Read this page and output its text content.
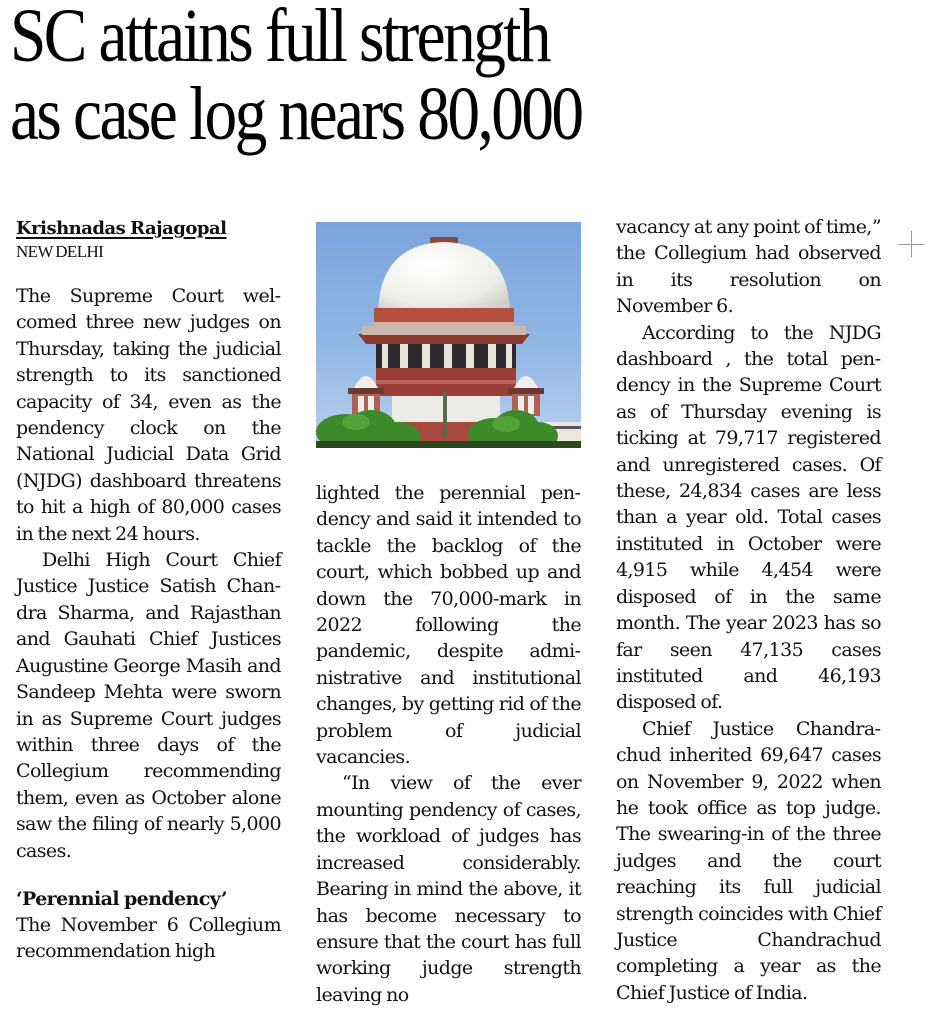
SC attains full strength
as case log nears 80,000
Krishnadas Rajagopal
NEW DELHI

The Supreme Court welcomed three new judges on Thursday, taking the judicial strength to its sanctioned capacity of 34, even as the pendency clock on the National Judicial Data Grid (NJDG) dashboard threatens to hit a high of 80,000 cases in the next 24 hours.

Delhi High Court Chief Justice Justice Satish Chandra Sharma, and Rajasthan and Gauhati Chief Justices Augustine George Masih and Sandeep Mehta were sworn in as Supreme Court judges within three days of the Collegium recommending them, even as October alone saw the filing of nearly 5,000 cases.

‘Perennial pendency’

The November 6 Collegium recommendation high

lighted the perennial pendency and said it intended to tackle the backlog of the court, which bobbed up and down the 70,000-mark in 2022 following the pandemic, despite administrative and institutional changes, by getting rid of the problem of judicial vacancies.

“In view of the ever mounting pendency of cases, the workload of judges has increased considerably. Bearing in mind the above, it has become necessary to ensure that the court has full working judge strength leaving no

vacancy at any point of time,” the Collegium had observed in its resolution on November 6.

According to the NJDG dashboard , the total pendency in the Supreme Court as of Thursday evening is ticking at 79,717 registered and unregistered cases. Of these, 24,834 cases are less than a year old. Total cases instituted in October were 4,915 while 4,454 were disposed of in the same month. The year 2023 has so far seen 47,135 cases instituted and 46,193 disposed of.

Chief Justice Chandrachud inherited 69,647 cases on November 9, 2022 when he took office as top judge. The swearing-in of the three judges and the court reaching its full judicial strength coincides with Chief Justice Chandrachud completing a year as the Chief Justice of India.
